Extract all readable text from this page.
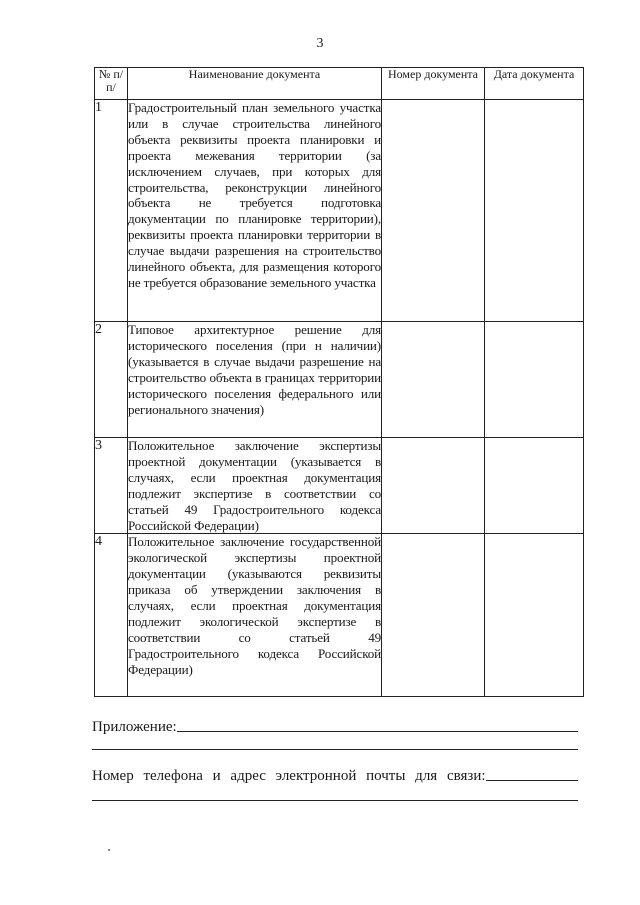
3
№ п/п/	Наименование документа	Номер документа	Дата документа
1	Градостроительный план земельного участка или в случае строительства линейного объекта реквизиты проекта планировки и проекта межевания территории (за исключением случаев, при которых для строительства, реконструкции линейного объекта не требуется подготовка документации по планировке территории), реквизиты проекта планировки территории в случае выдачи разрешения на строительство линейного объекта, для размещения которого не требуется образование земельного участка		
2	Типовое архитектурное решение для исторического поселения (при н наличии) (указывается в случае выдачи разрешение на строительство объекта в границах территории исторического поселения федерального или регионального значения)		
3	Положительное заключение экспертизы проектной документации (указывается в случаях, если проектная документация подлежит экспертизе в соответствии со статьей 49 Градостроительного кодекса Российской Федерации)		
4	Положительное заключение государственной экологической экспертизы проектной документации (указываются реквизиты приказа об утверждении заключения в случаях, если проектная документация подлежит экологической экспертизе в соответствии со статьей 49 Градостроительного кодекса Российской Федерации)		
Приложение:
Номер телефона и адрес электронной почты для связи:
